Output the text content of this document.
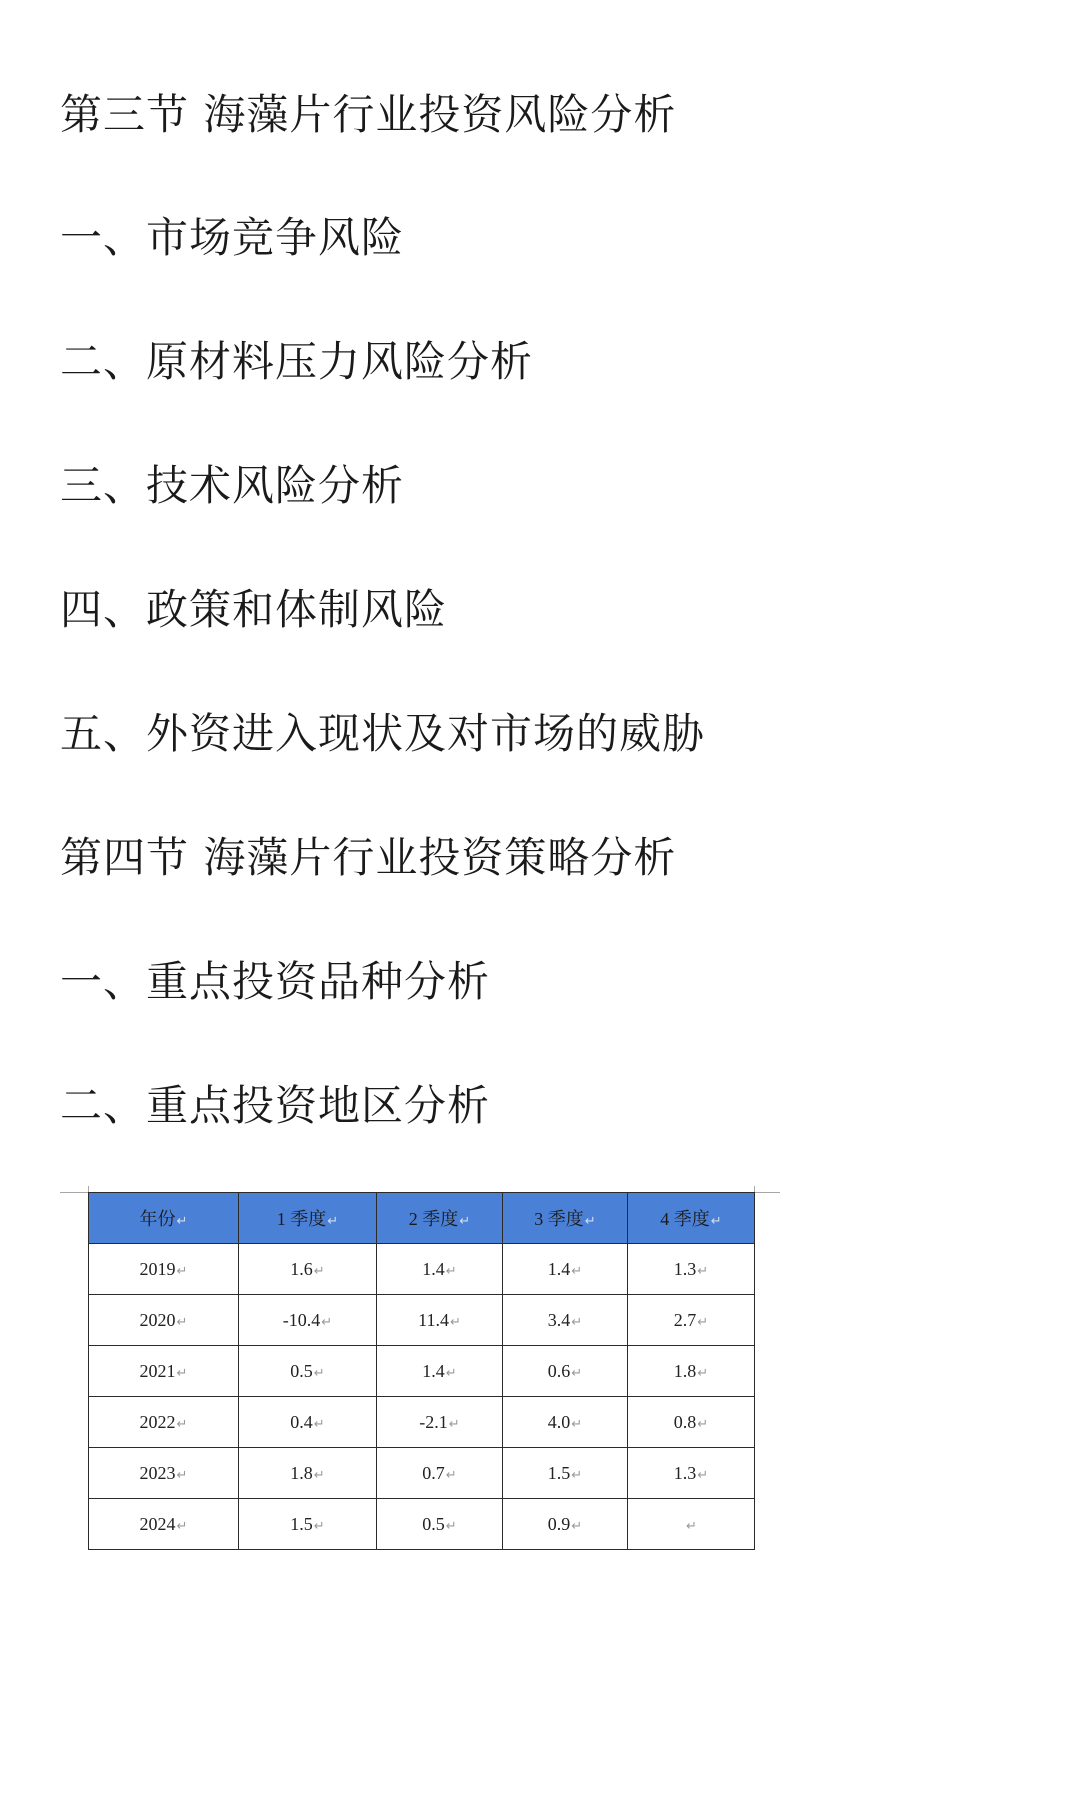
第三节 海藻片行业投资风险分析
一、市场竞争风险
二、原材料压力风险分析
三、技术风险分析
四、政策和体制风险
五、外资进入现状及对市场的威胁
第四节 海藻片行业投资策略分析
一、重点投资品种分析
二、重点投资地区分析
年份↵	1 季度↵	2 季度↵	3 季度↵	4 季度↵
2019↵	1.6↵	1.4↵	1.4↵	1.3↵
2020↵	-10.4↵	11.4↵	3.4↵	2.7↵
2021↵	0.5↵	1.4↵	0.6↵	1.8↵
2022↵	0.4↵	-2.1↵	4.0↵	0.8↵
2023↵	1.8↵	0.7↵	1.5↵	1.3↵
2024↵	1.5↵	0.5↵	0.9↵	↵
